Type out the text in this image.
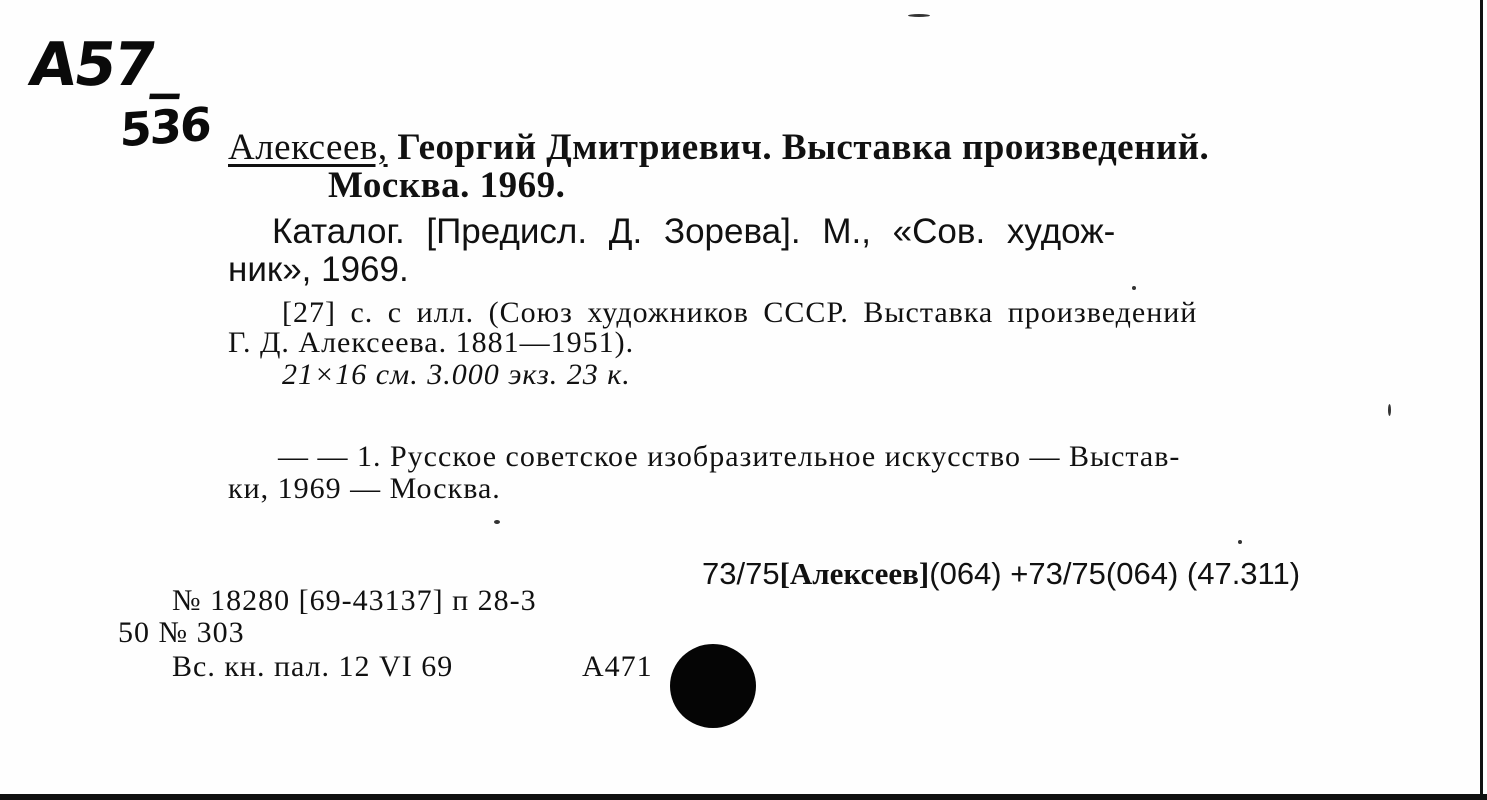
A57_
536 Алексеев, Георгий Дмитриевич. Выставка произведений.
Москва. 1969.
Каталог. [Предисл. Д. Зорева]. М., «Сов. худож-
ник», 1969.
[27] с. с илл. (Союз художников СССР. Выставка произведений
Г. Д. Алексеева. 1881—1951).
21×16 см. 3.000 экз. 23 к.
— — 1. Русское советское изобразительное искусство — Выстав-
ки, 1969 — Москва.
73/75[Алексеев](064) +73/75(064) (47.311)
№ 18280 [69-43137] п 28-3
50 № 303
Вс. кн. пал. 12 VI 69	А471
